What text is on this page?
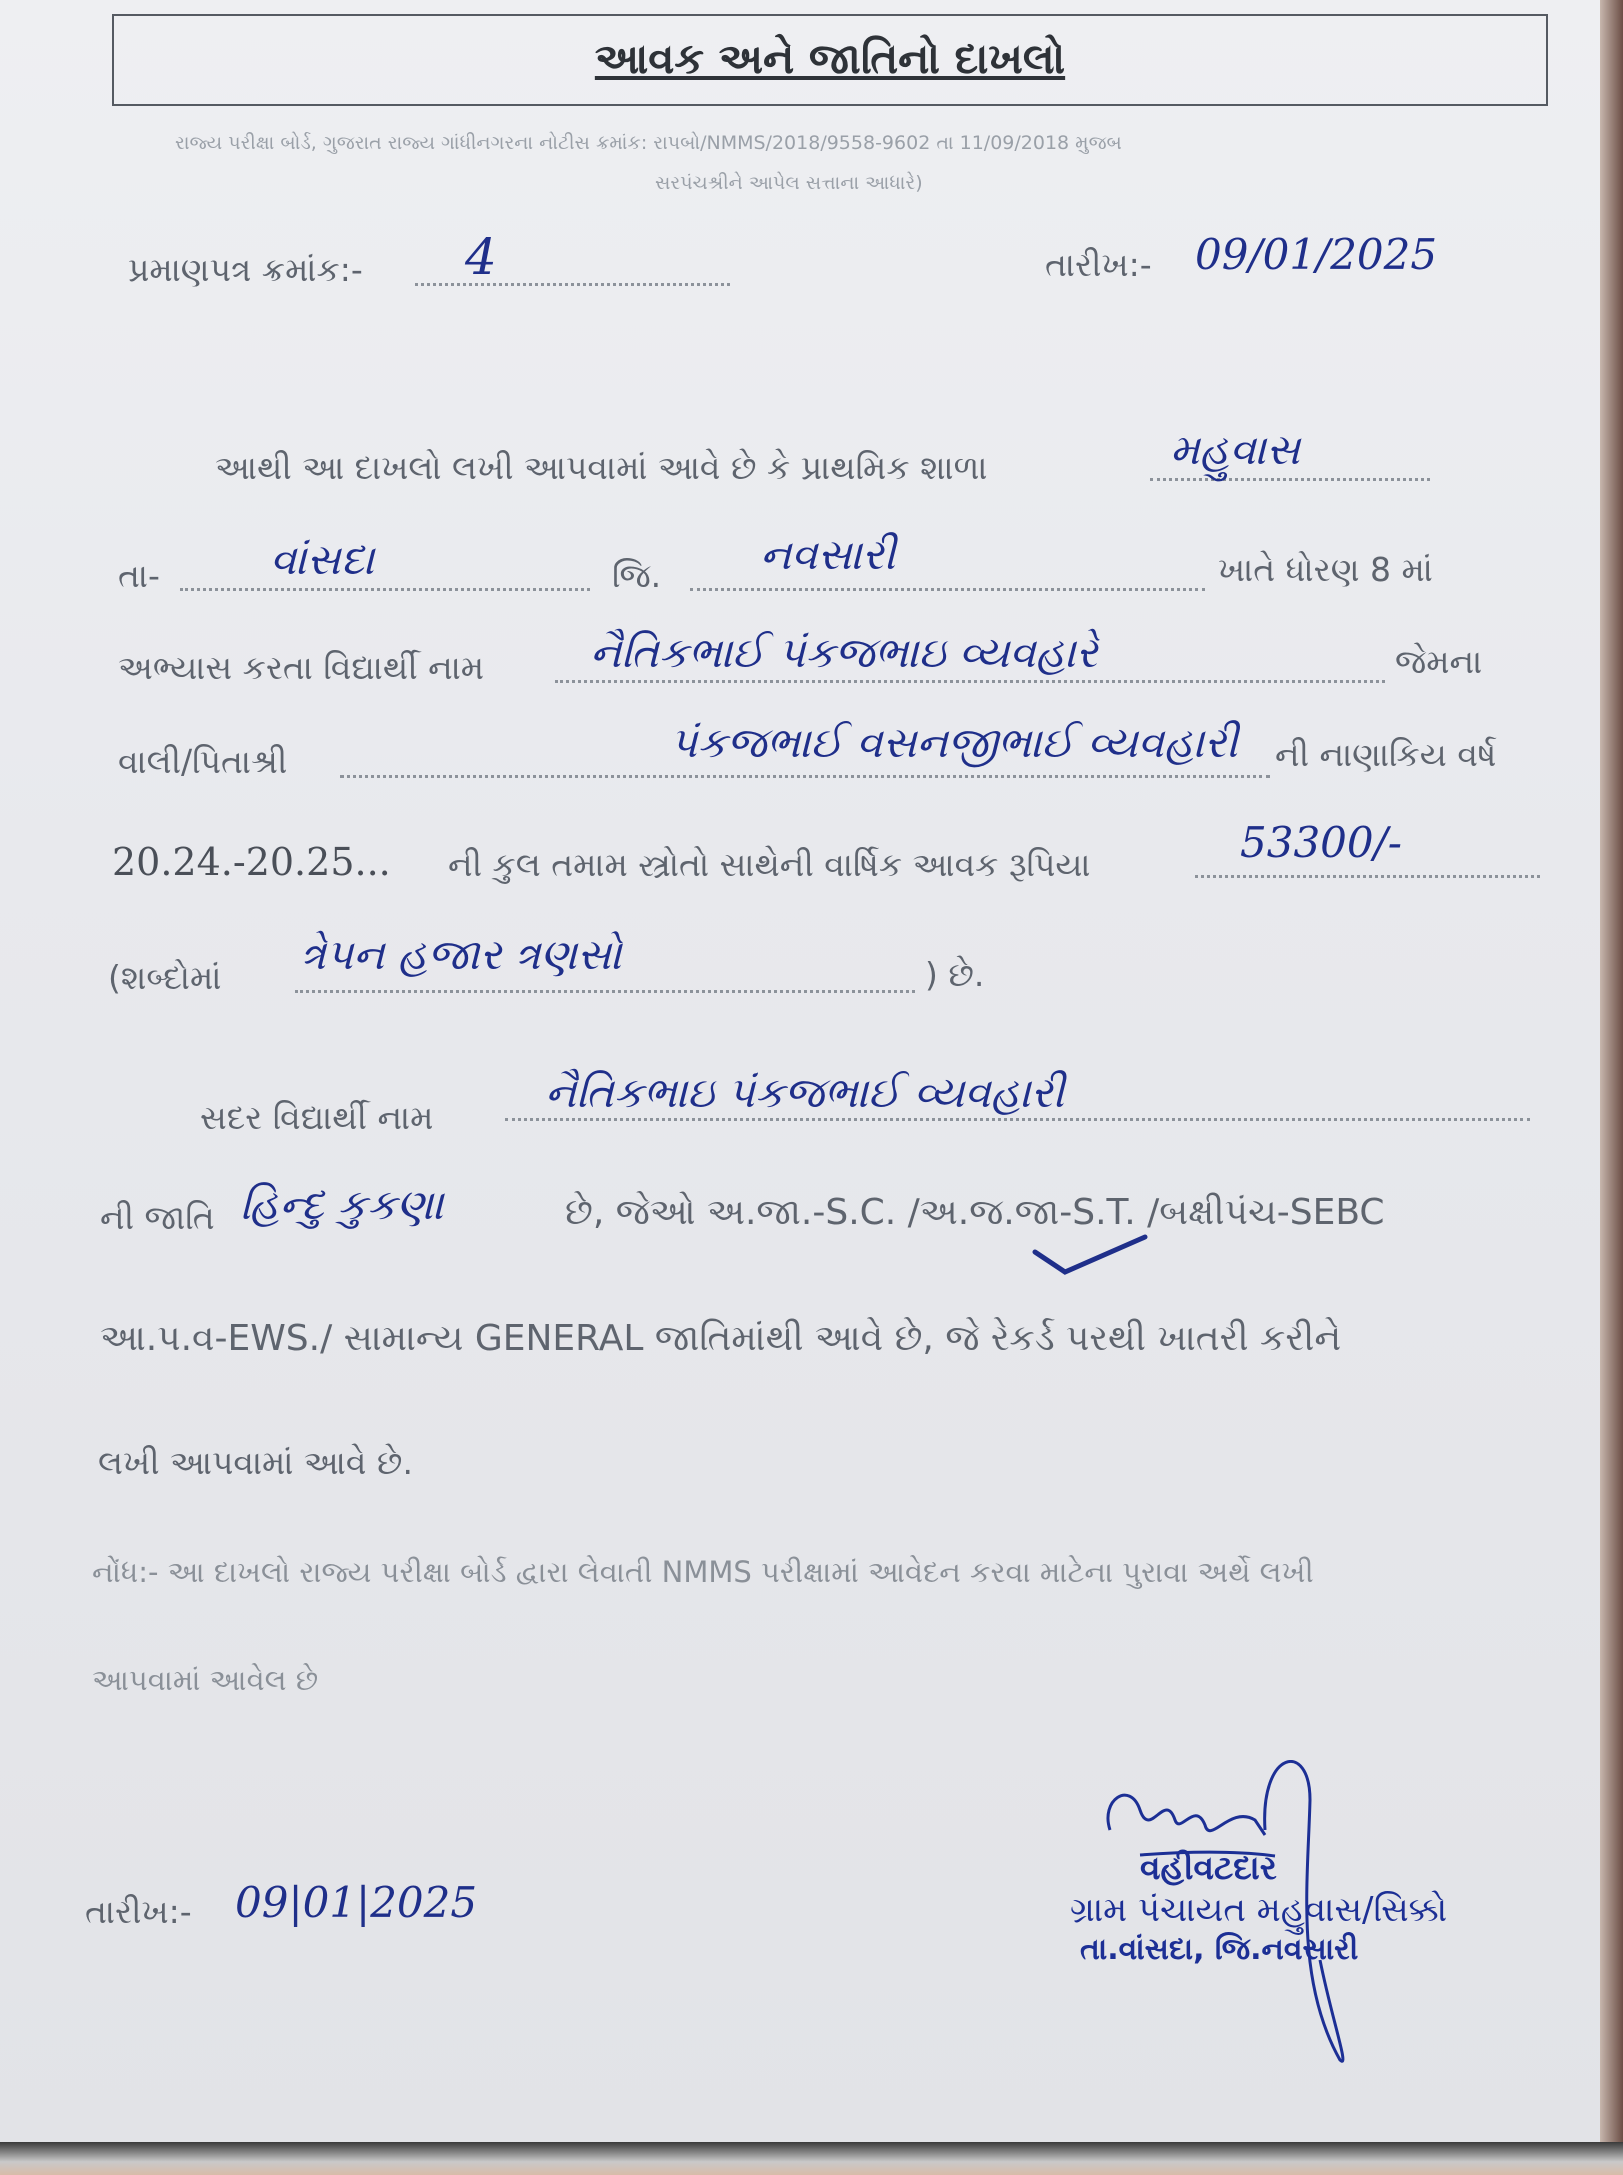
આવક અને જાતિનો દાખલો
રાજ્ય પરીક્ષા બોર્ડ, ગુજરાત રાજ્ય ગાંધીનગરના નોટીસ ક્રમાંક: રાપબો/NMMS/2018/9558-9602 તા 11/09/2018 મુજબ
સરપંચશ્રીને આપેલ સત્તાના આધારે)
પ્રમાણપત્ર ક્રમાંક:- 4	તારીખ:- 09/01/2025
આથી આ દાખલો લખી આપવામાં આવે છે કે પ્રાથમિક શાળા	મહુવાસ
તા-	વાંસદા	જિ. નવસારી	ખાતે ધોરણ 8 માં
અભ્યાસ કરતા વિદ્યાર્થી નામ	નૈતિકભાઈ પંકજભાઇ વ્યવહારે	જેમના
વાલી/પિતાશ્રી	પંકજભાઈ વસનજીભાઈ વ્યવહારી ની નાણાકિય વર્ષ
20.24.-20.25... ની કુલ તમામ સ્ત્રોતો સાથેની વાર્ષિક આવક રૂપિયા	53300/-
(શબ્દોમાં ત્રેપન હજાર ત્રણસો	) છે.
સદર વિદ્યાર્થી નામ
નૈતિકભાઇ પંકજભાઈ વ્યવહારી
ની જાતિ હિન્દુ કુકણા	છે, જેઓ અ.જા.-S.C. /અ.જ.જા-S.T. /બક્ષીપંચ-SEBC
આ.પ.વ-EWS./ સામાન્ય GENERAL જાતિમાંથી આવે છે, જે રેકર્ડ પરથી ખાતરી કરીને
લખી આપવામાં આવે છે.
નોંધ:- આ દાખલો રાજ્ય પરીક્ષા બોર્ડ દ્વારા લેવાતી NMMS પરીક્ષામાં આવેદન કરવા માટેના પુરાવા અર્થે લખી
આપવામાં આવેલ છે
તારીખ:- 09|01|2025
વહીવટદાર
ગ્રામ પંચાયત મહુવાસ/સિક્કો
તા.વાંસદા, જિ.નવસારી
